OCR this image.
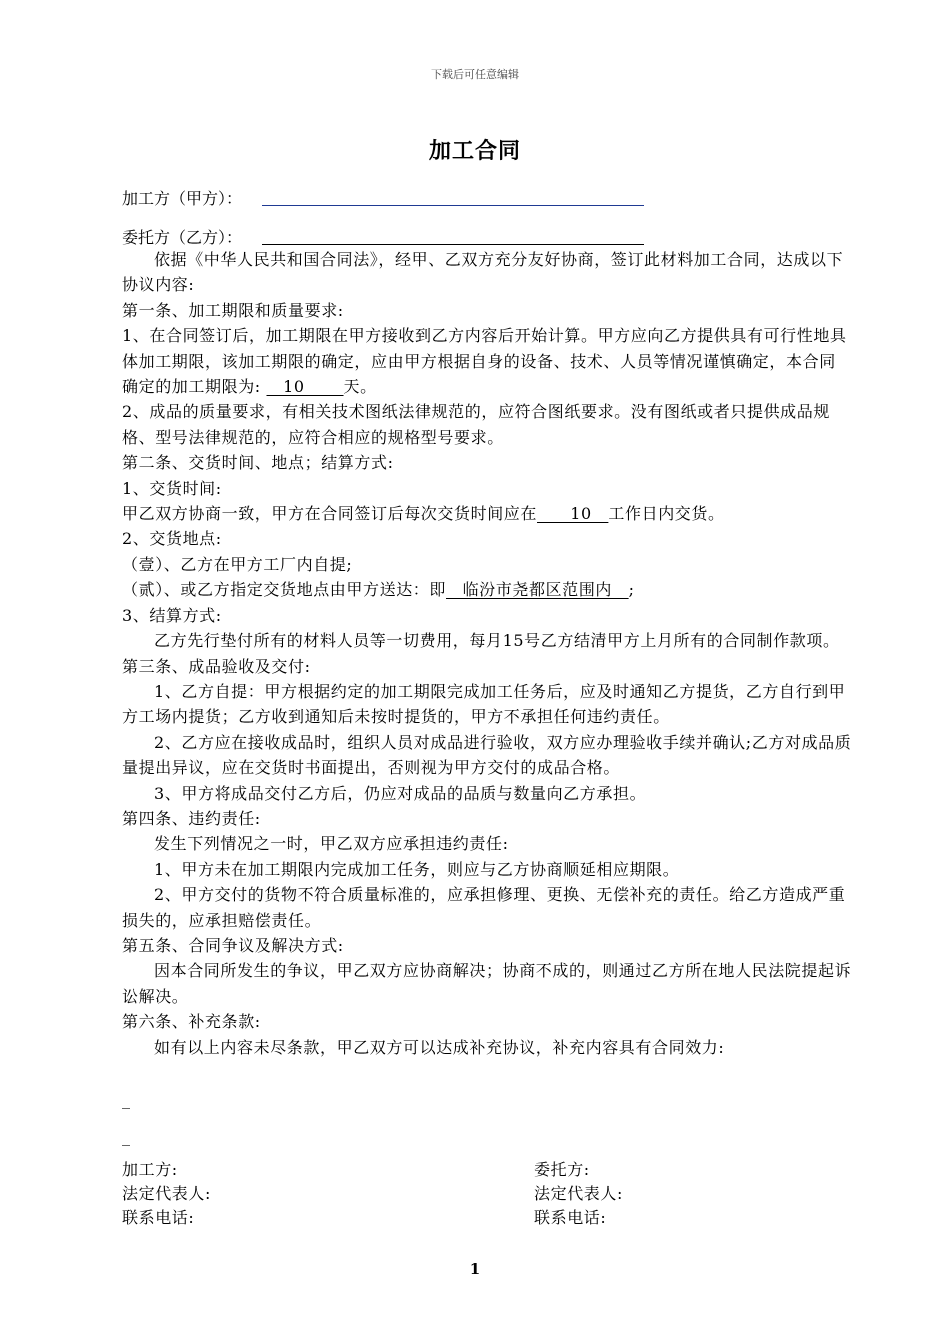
下载后可任意编辑
加工合同
加工方（甲方）：
委托方（乙方）：

依据《中华人民共和国合同法》，经甲、乙双方充分友好协商，签订此材料加工合同，达成以下协议内容:

第一条、加工期限和质量要求:

1、在合同签订后，加工期限在甲方接收到乙方内容后开始计算。甲方应向乙方提供具有可行性地具体加工期限，该加工期限的确定，应由甲方根据自身的设备、技术、人员等情况谨慎确定，本合同确定的加工期限为: 　10　 　天。

2、成品的质量要求，有相关技术图纸法律规范的，应符合图纸要求。没有图纸或者只提供成品规格、型号法律规范的，应符合相应的规格型号要求。

第二条、交货时间、地点；结算方式:

1、交货时间:

甲乙双方协商一致，甲方在合同签订后每次交货时间应在　　10　工作日内交货。

2、交货地点:

（壹）、乙方在甲方工厂内自提;

（贰）、或乙方指定交货地点由甲方送达：即　临汾市尧都区范围内　;

3、结算方式:

乙方先行垫付所有的材料人员等一切费用，每月15号乙方结清甲方上月所有的合同制作款项。

第三条、成品验收及交付:

1、乙方自提：甲方根据约定的加工期限完成加工任务后，应及时通知乙方提货，乙方自行到甲方工场内提货；乙方收到通知后未按时提货的，甲方不承担任何违约责任。

2、乙方应在接收成品时，组织人员对成品进行验收，双方应办理验收手续并确认;乙方对成品质量提出异议，应在交货时书面提出，否则视为甲方交付的成品合格。

3、甲方将成品交付乙方后，仍应对成品的品质与数量向乙方承担。

第四条、违约责任:

发生下列情况之一时，甲乙双方应承担违约责任:

1、甲方未在加工期限内完成加工任务，则应与乙方协商顺延相应期限。

2、甲方交付的货物不符合质量标准的，应承担修理、更换、无偿补充的责任。给乙方造成严重损失的，应承担赔偿责任。

第五条、合同争议及解决方式:

因本合同所发生的争议，甲乙双方应协商解决；协商不成的，则通过乙方所在地人民法院提起诉讼解决。

第六条、补充条款:

如有以上内容未尽条款，甲乙双方可以达成补充协议，补充内容具有合同效力:

_
_
加工方:
法定代表人:
联系电话:
委托方:
法定代表人:
联系电话:
1
